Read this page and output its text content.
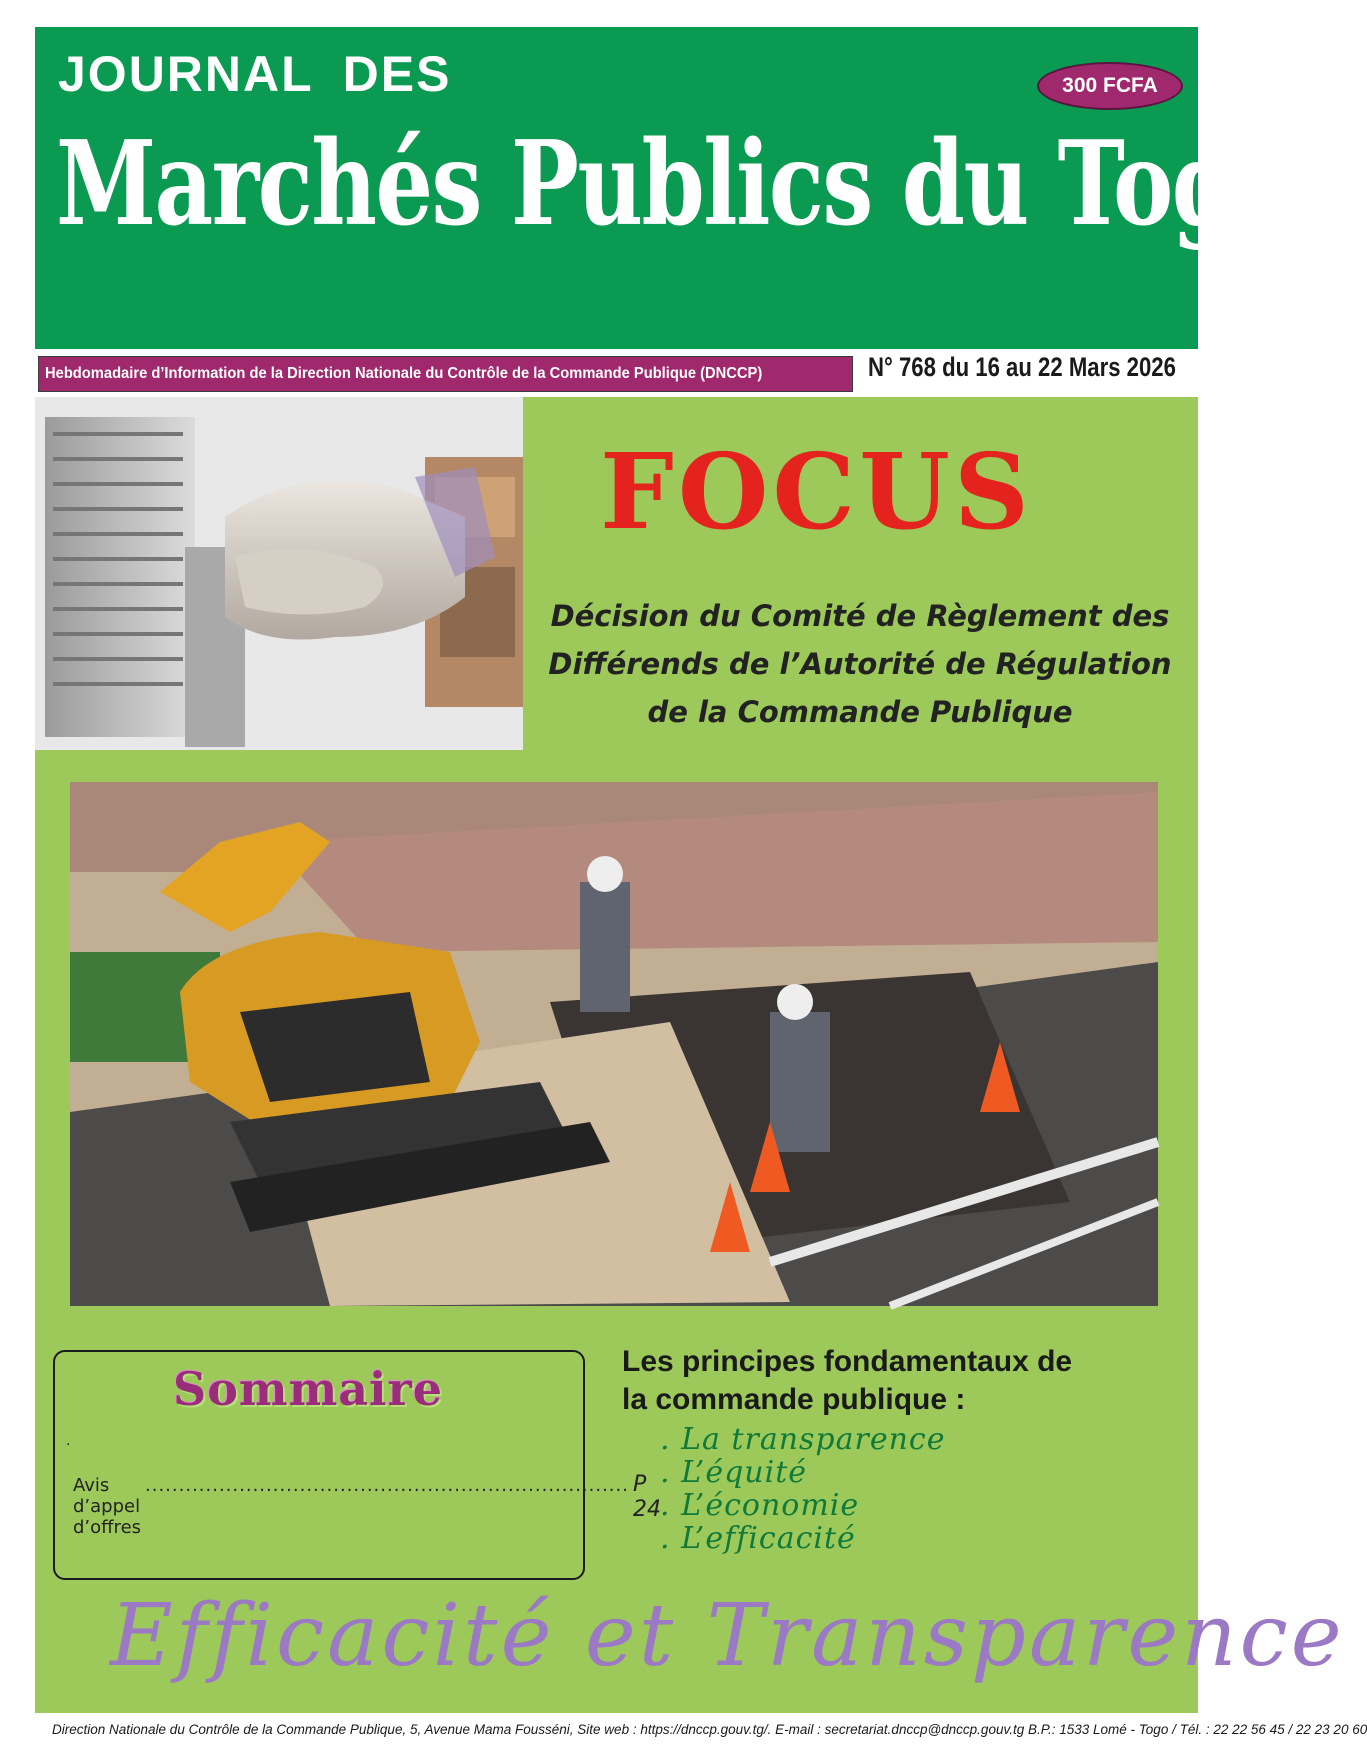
JOURNAL DES	300 FCFA
Marchés Publics du Togo
Hebdomadaire d’Information de la Direction Nationale du Contrôle de la Commande Publique (DNCCP)	N° 768 du 16 au 22 Mars 2026
FOCUS
Décision du Comité de Règlement des
Différends de l’Autorité de Régulation
de la Commande Publique
Sommaire
.
Avis d’appel d’offres
........................................................................ P 24
Les principes fondamentaux de
la commande publique :
. La transparence
. L’équité
. L’économie
. L’efficacité
Efficacité et Transparence
Direction Nationale du Contrôle de la Commande Publique, 5, Avenue Mama Fousséni, Site web : https://dnccp.gouv.tg/. E-mail : secretariat.dnccp@dnccp.gouv.tg B.P.: 1533 Lomé - Togo / Tél. : 22 22 56 45 / 22 23 20 60
